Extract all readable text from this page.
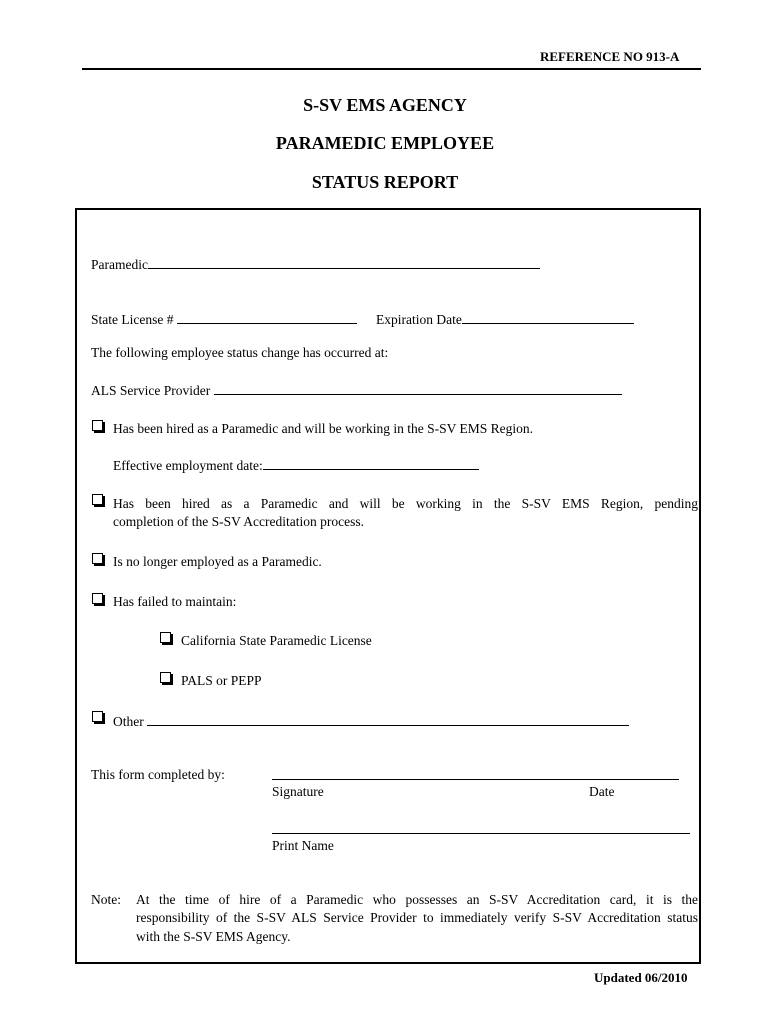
REFERENCE NO 913-A
S-SV EMS AGENCY
PARAMEDIC EMPLOYEE
STATUS REPORT
Paramedic
State License #	Expiration Date
The following employee status change has occurred at:
ALS Service Provider
Has been hired as a Paramedic and will be working in the S-SV EMS Region.
Effective employment date:
Has been hired as a Paramedic and will be working in the S-SV EMS Region, pending
completion of the S-SV Accreditation process.
Is no longer employed as a Paramedic.
Has failed to maintain:
California State Paramedic License
PALS or PEPP
Other
This form completed by:
Signature	Date
Print Name
Note: At the time of hire of a Paramedic who possesses an S-SV Accreditation card, it is the
responsibility of the S-SV ALS Service Provider to immediately verify S-SV Accreditation status
with the S-SV EMS Agency.
Updated 06/2010
